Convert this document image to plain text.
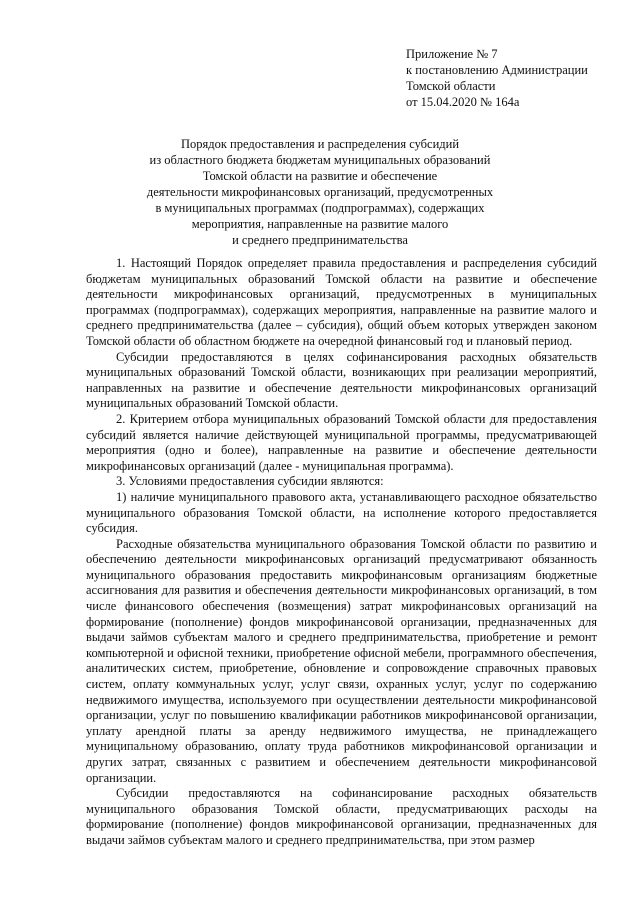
Приложение № 7
к постановлению Администрации
Томской области
от 15.04.2020 № 164а
Порядок предоставления и распределения субсидий
из областного бюджета бюджетам муниципальных образований
Томской области на развитие и обеспечение
деятельности микрофинансовых организаций, предусмотренных
в муниципальных программах (подпрограммах), содержащих
мероприятия, направленные на развитие малого
и среднего предпринимательства

1. Настоящий Порядок определяет правила предоставления и распределения субсидий бюджетам муниципальных образований Томской области на развитие и обеспечение деятельности микрофинансовых организаций, предусмотренных в муниципальных программах (подпрограммах), содержащих мероприятия, направленные на развитие малого и среднего предпринимательства (далее – субсидия), общий объем которых утвержден законом Томской области об областном бюджете на очередной финансовый год и плановый период.

Субсидии предоставляются в целях софинансирования расходных обязательств муниципальных образований Томской области, возникающих при реализации мероприятий, направленных на развитие и обеспечение деятельности микрофинансовых организаций муниципальных образований Томской области.

2. Критерием отбора муниципальных образований Томской области для предоставления субсидий является наличие действующей муниципальной программы, предусматривающей мероприятия (одно и более), направленные на развитие и обеспечение деятельности микрофинансовых организаций (далее - муниципальная программа).

3. Условиями предоставления субсидии являются:

1) наличие муниципального правового акта, устанавливающего расходное обязательство муниципального образования Томской области, на исполнение которого предоставляется субсидия.

Расходные обязательства муниципального образования Томской области по развитию и обеспечению деятельности микрофинансовых организаций предусматривают обязанность муниципального образования предоставить микрофинансовым организациям бюджетные ассигнования для развития и обеспечения деятельности микрофинансовых организаций, в том числе финансового обеспечения (возмещения) затрат микрофинансовых организаций на формирование (пополнение) фондов микрофинансовой организации, предназначенных для выдачи займов субъектам малого и среднего предпринимательства, приобретение и ремонт компьютерной и офисной техники, приобретение офисной мебели, программного обеспечения, аналитических систем, приобретение, обновление и сопровождение справочных правовых систем, оплату коммунальных услуг, услуг связи, охранных услуг, услуг по содержанию недвижимого имущества, используемого при осуществлении деятельности микрофинансовой организации, услуг по повышению квалификации работников микрофинансовой организации, уплату арендной платы за аренду недвижимого имущества, не принадлежащего муниципальному образованию, оплату труда работников микрофинансовой организации и других затрат, связанных с развитием и обеспечением деятельности микрофинансовой организации.

Субсидии предоставляются на софинансирование расходных обязательств муниципального образования Томской области, предусматривающих расходы на формирование (пополнение) фондов микрофинансовой организации, предназначенных для выдачи займов субъектам малого и среднего предпринимательства, при этом размер
